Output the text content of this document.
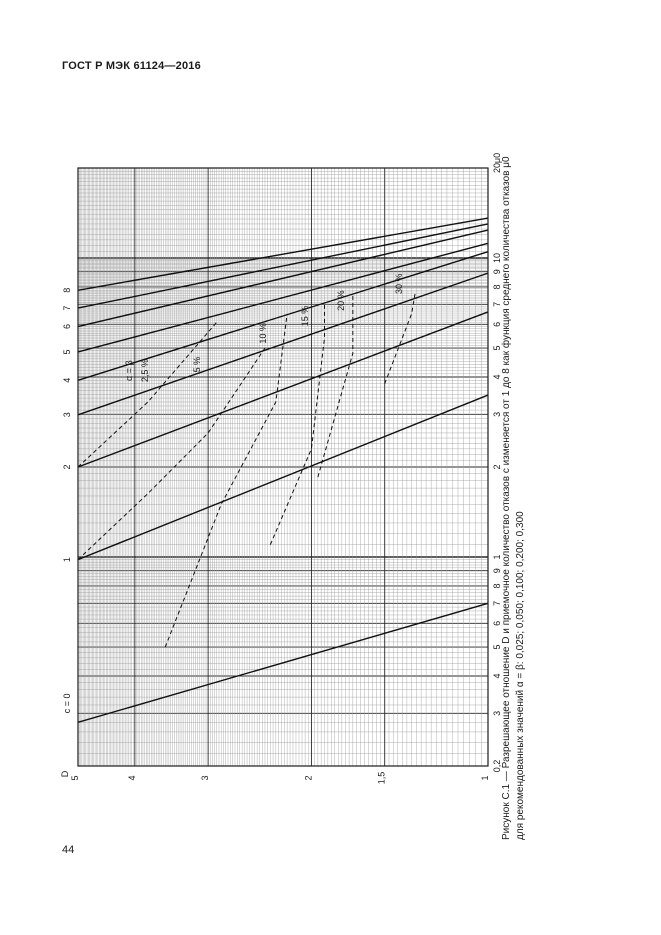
ГОСТ Р МЭК 61124—2016
0,2
3
4
5
6
7
8
9
1
2
3
4
5
6
7
8
9
10
20
μ0
1
1,5
2
3
4
5
D
c = 0
1
2
3
4
5
6
7
8
α = β 2,5 %	5 %
10 %
15 %
20 %
30 %	Рисунок С.1 — Разрешающее отношение D и приемочное количество отказов c изменяется от 1 до 8 как функция среднего количества отказов μ0 для рекомендованных значений α = β: 0,025; 0,050; 0,100; 0,200; 0,300
44
